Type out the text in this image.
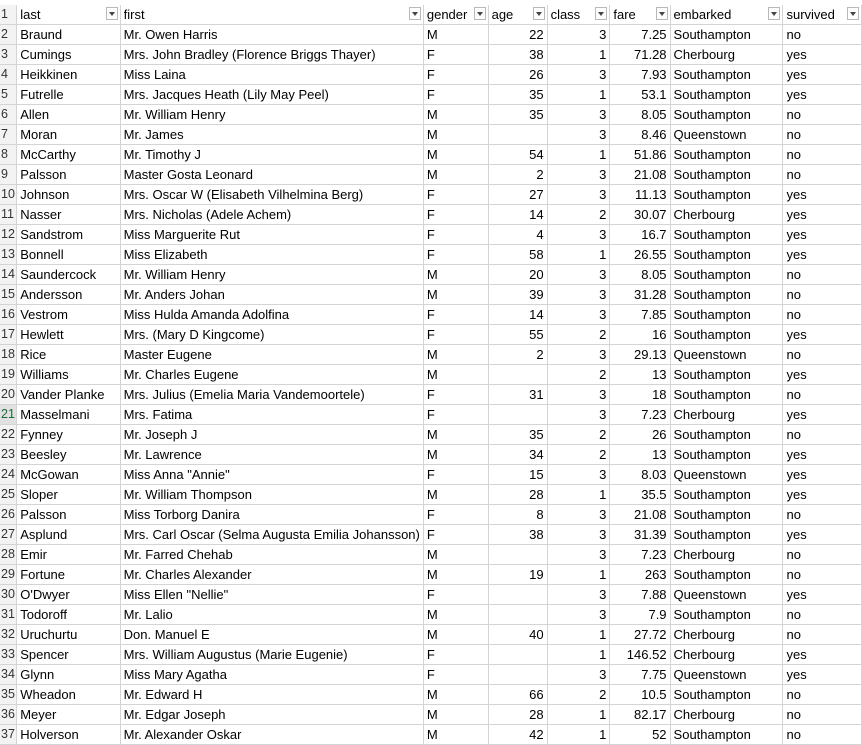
1	last	first	gender	age	class	fare	embarked	survived

2	Braund	Mr. Owen Harris	M	22	3	7.25	Southampton	no
3	Cumings	Mrs. John Bradley (Florence Briggs Thayer)	F	38	1	71.28	Cherbourg	yes
4	Heikkinen	Miss Laina	F	26	3	7.93	Southampton	yes
5	Futrelle	Mrs. Jacques Heath (Lily May Peel)	F	35	1	53.1	Southampton	yes
6	Allen	Mr. William Henry	M	35	3	8.05	Southampton	no
7	Moran	Mr. James	M		3	8.46	Queenstown	no
8	McCarthy	Mr. Timothy J	M	54	1	51.86	Southampton	no
9	Palsson	Master Gosta Leonard	M	2	3	21.08	Southampton	no
10	Johnson	Mrs. Oscar W (Elisabeth Vilhelmina Berg)	F	27	3	11.13	Southampton	yes
11	Nasser	Mrs. Nicholas (Adele Achem)	F	14	2	30.07	Cherbourg	yes
12	Sandstrom	Miss Marguerite Rut	F	4	3	16.7	Southampton	yes
13	Bonnell	Miss Elizabeth	F	58	1	26.55	Southampton	yes
14	Saundercock	Mr. William Henry	M	20	3	8.05	Southampton	no
15	Andersson	Mr. Anders Johan	M	39	3	31.28	Southampton	no
16	Vestrom	Miss Hulda Amanda Adolfina	F	14	3	7.85	Southampton	no
17	Hewlett	Mrs. (Mary D Kingcome)	F	55	2	16	Southampton	yes
18	Rice	Master Eugene	M	2	3	29.13	Queenstown	no
19	Williams	Mr. Charles Eugene	M		2	13	Southampton	yes
20	Vander Planke	Mrs. Julius (Emelia Maria Vandemoortele)	F	31	3	18	Southampton	no
21	Masselmani	Mrs. Fatima	F		3	7.23	Cherbourg	yes
22	Fynney	Mr. Joseph J	M	35	2	26	Southampton	no
23	Beesley	Mr. Lawrence	M	34	2	13	Southampton	yes
24	McGowan	Miss Anna "Annie"	F	15	3	8.03	Queenstown	yes
25	Sloper	Mr. William Thompson	M	28	1	35.5	Southampton	yes
26	Palsson	Miss Torborg Danira	F	8	3	21.08	Southampton	no
27	Asplund	Mrs. Carl Oscar (Selma Augusta Emilia Johansson)	F	38	3	31.39	Southampton	yes
28	Emir	Mr. Farred Chehab	M		3	7.23	Cherbourg	no
29	Fortune	Mr. Charles Alexander	M	19	1	263	Southampton	no
30	O'Dwyer	Miss Ellen "Nellie"	F		3	7.88	Queenstown	yes
31	Todoroff	Mr. Lalio	M		3	7.9	Southampton	no
32	Uruchurtu	Don. Manuel E	M	40	1	27.72	Cherbourg	no
33	Spencer	Mrs. William Augustus (Marie Eugenie)	F		1	146.52	Cherbourg	yes
34	Glynn	Miss Mary Agatha	F		3	7.75	Queenstown	yes
35	Wheadon	Mr. Edward H	M	66	2	10.5	Southampton	no
36	Meyer	Mr. Edgar Joseph	M	28	1	82.17	Cherbourg	no
37	Holverson	Mr. Alexander Oskar	M	42	1	52	Southampton	no
